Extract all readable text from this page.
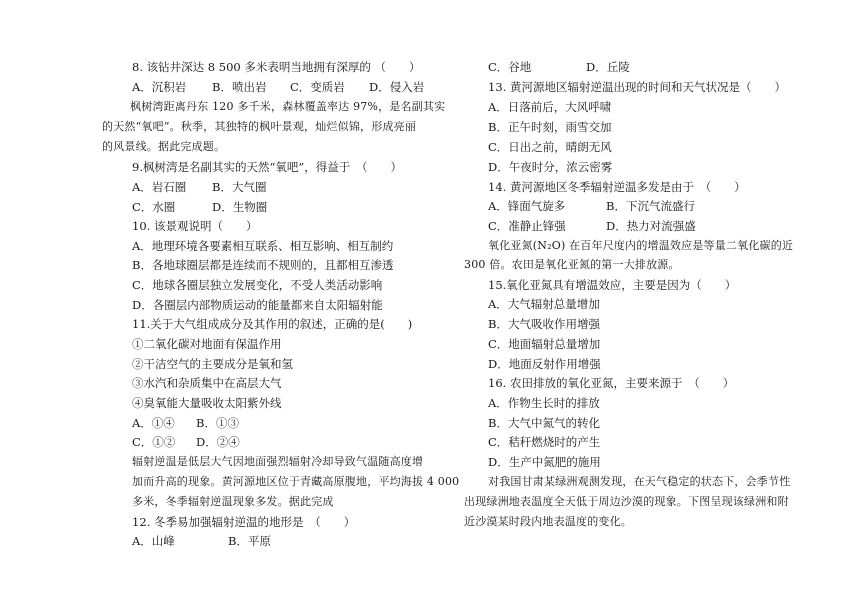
8. 该钻井深达 8 500 多米表明当地拥有深厚的 （　　）
A．沉积岩 B．喷出岩 C．变质岩 D．侵入岩
枫树湾距离丹东 120 多千米，森林覆盖率达 97%，是名副其实
的天然“氧吧”。秋季，其独特的枫叶景观，灿烂似锦，形成亮丽
的风景线。据此完成题。
9.枫树湾是名副其实的天然“氧吧”，得益于　（　　）
A．岩石圈 B．大气圈
C．水圈	D．生物圈
10. 该景观说明（　　）
A．地理环境各要素相互联系、相互影响、相互制约
B．各地球圈层都是连续而不规则的，且都相互渗透
C．地球各圈层独立发展变化，不受人类活动影响
D．各圈层内部物质运动的能量都来自太阳辐射能
11.关于大气组成成分及其作用的叙述，正确的是(　　)
①二氧化碳对地面有保温作用
②干洁空气的主要成分是氧和氢
③水汽和杂质集中在高层大气
④臭氧能大量吸收太阳紫外线
A．①④ B．①③
C．①② D．②④
辐射逆温是低层大气因地面强烈辐射冷却导致气温随高度增
加而升高的现象。黄河源地区位于青藏高原腹地，平均海拔 4 000
多米，冬季辐射逆温现象多发。据此完成
12. 冬季易加强辐射逆温的地形是　（　　）
A．山峰	B．平原
C．谷地	D．丘陵
13. 黄河源地区辐射逆温出现的时间和天气状况是（　　）
A．日落前后，大风呼啸
B．正午时刻，雨雪交加
C．日出之前，晴朗无风
D．午夜时分，浓云密雾
14. 黄河源地区冬季辐射逆温多发是由于　（　　）
A．锋面气旋多	B．下沉气流盛行
C．准静止锋强	D．热力对流强盛
氧化亚氮(N₂O) 在百年尺度内的增温效应是等量二氧化碳的近
300 倍。农田是氧化亚氮的第一大排放源。
15.氧化亚氮具有增温效应，主要是因为（　　）
A．大气辐射总量增加
B．大气吸收作用增强
C．地面辐射总量增加
D．地面反射作用增强
16. 农田排放的氧化亚氮，主要来源于　（　　）
A．作物生长时的排放
B．大气中氮气的转化
C．秸秆燃烧时的产生
D．生产中氮肥的施用
对我国甘肃某绿洲观测发现，在天气稳定的状态下，会季节性
出现绿洲地表温度全天低于周边沙漠的现象。下图呈现该绿洲和附
近沙漠某时段内地表温度的变化。
